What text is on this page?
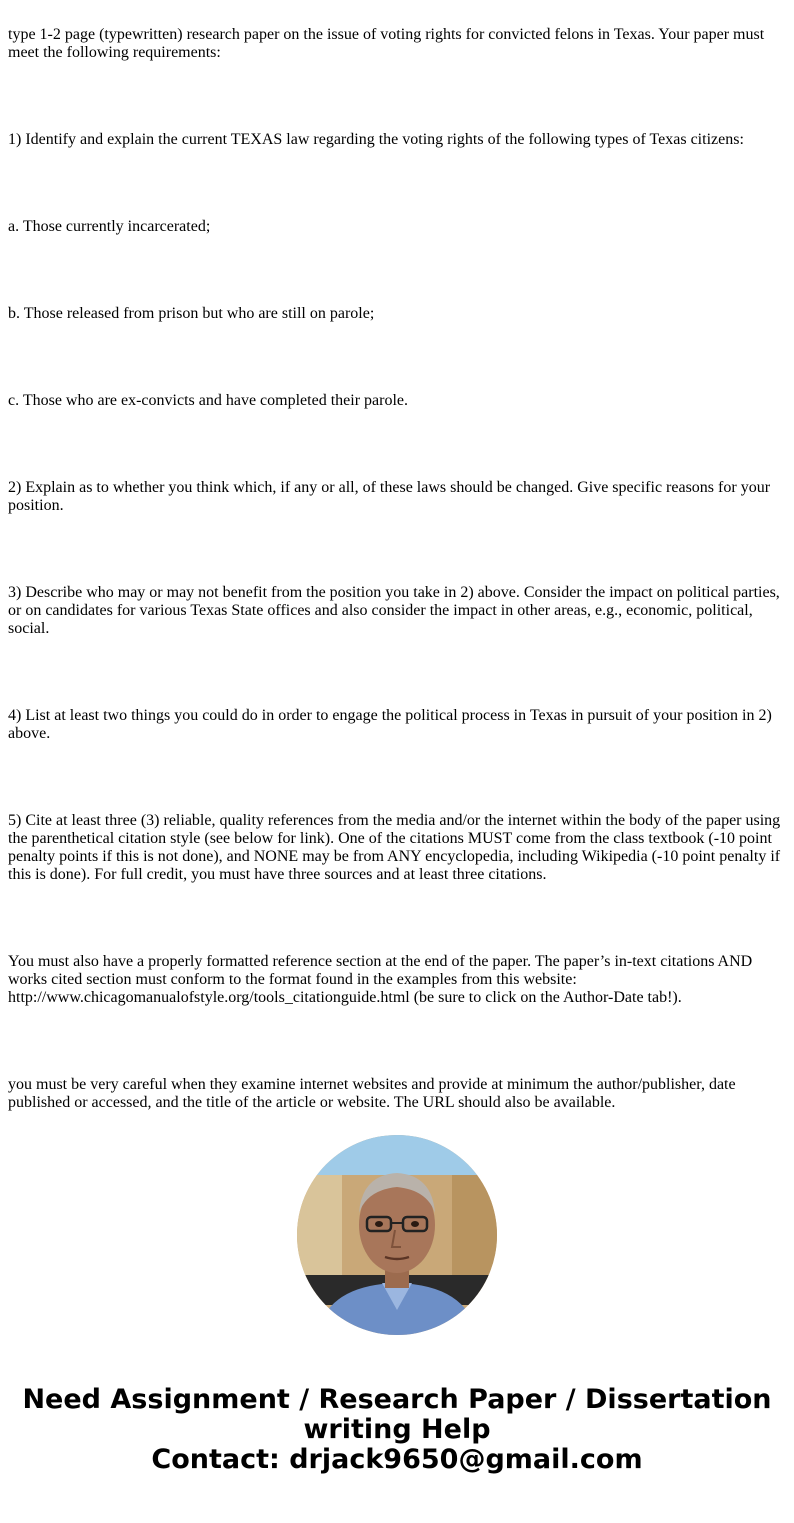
type 1-2 page (typewritten) research paper on the issue of voting rights for convicted felons in Texas. Your paper must meet the following requirements:

1) Identify and explain the current TEXAS law regarding the voting rights of the following types of Texas citizens:

a. Those currently incarcerated;

b. Those released from prison but who are still on parole;

c. Those who are ex-convicts and have completed their parole.

2) Explain as to whether you think which, if any or all, of these laws should be changed. Give specific reasons for your position.

3) Describe who may or may not benefit from the position you take in 2) above. Consider the impact on political parties, or on candidates for various Texas State offices and also consider the impact in other areas, e.g., economic, political, social.

4) List at least two things you could do in order to engage the political process in Texas in pursuit of your position in 2) above.

5) Cite at least three (3) reliable, quality references from the media and/or the internet within the body of the paper using the parenthetical citation style (see below for link). One of the citations MUST come from the class textbook (-10 point penalty points if this is not done), and NONE may be from ANY encyclopedia, including Wikipedia (-10 point penalty if this is done). For full credit, you must have three sources and at least three citations.

You must also have a properly formatted reference section at the end of the paper. The paper’s in-text citations AND works cited section must conform to the format found in the examples from this website: http://www.chicagomanualofstyle.org/tools_citationguide.html (be sure to click on the Author-Date tab!).

you must be very careful when they examine internet websites and provide at minimum the author/publisher, date published or accessed, and the title of the article or website. The URL should also be available.

Need Assignment / Research Paper / Dissertation writing Help
Contact: drjack9650@gmail.com
